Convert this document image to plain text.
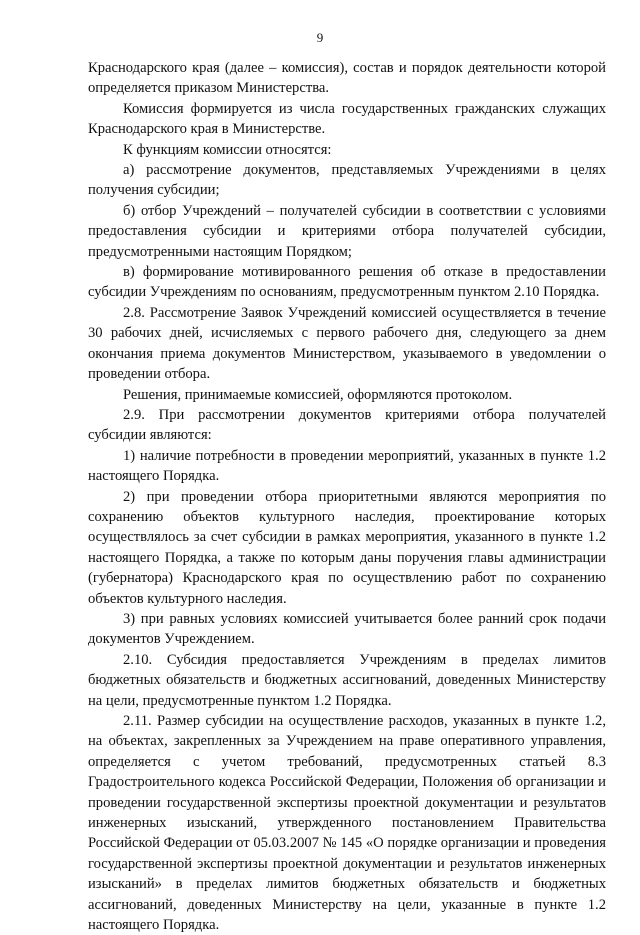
9

Краснодарского края (далее – комиссия), состав и порядок деятельности которой определяется приказом Министерства.

Комиссия формируется из числа государственных гражданских служащих Краснодарского края в Министерстве.

К функциям комиссии относятся:

а) рассмотрение документов, представляемых Учреждениями в целях получения субсидии;

б) отбор Учреждений – получателей субсидии в соответствии с условиями предоставления субсидии и критериями отбора получателей субсидии, предусмотренными настоящим Порядком;

в) формирование мотивированного решения об отказе в предоставлении субсидии Учреждениям по основаниям, предусмотренным пунктом 2.10 Порядка.

2.8. Рассмотрение Заявок Учреждений комиссией осуществляется в течение 30 рабочих дней, исчисляемых с первого рабочего дня, следующего за днем окончания приема документов Министерством, указываемого в уведомлении о проведении отбора.

Решения, принимаемые комиссией, оформляются протоколом.

2.9. При рассмотрении документов критериями отбора получателей субсидии являются:

1) наличие потребности в проведении мероприятий, указанных в пункте 1.2 настоящего Порядка.

2) при проведении отбора приоритетными являются мероприятия по сохранению объектов культурного наследия, проектирование которых осуществлялось за счет субсидии в рамках мероприятия, указанного в пункте 1.2 настоящего Порядка, а также по которым даны поручения главы администрации (губернатора) Краснодарского края по осуществлению работ по сохранению объектов культурного наследия.

3) при равных условиях комиссией учитывается более ранний срок подачи документов Учреждением.

2.10. Субсидия предоставляется Учреждениям в пределах лимитов бюджетных обязательств и бюджетных ассигнований, доведенных Министерству на цели, предусмотренные пунктом 1.2 Порядка.

2.11. Размер субсидии на осуществление расходов, указанных в пункте 1.2, на объектах, закрепленных за Учреждением на праве оперативного управления, определяется с учетом требований, предусмотренных статьей 8.3 Градостроительного кодекса Российской Федерации, Положения об организации и проведении государственной экспертизы проектной документации и результатов инженерных изысканий, утвержденного постановлением Правительства Российской Федерации от 05.03.2007 № 145 «О порядке организации и проведения государственной экспертизы проектной документации и результатов инженерных изысканий» в пределах лимитов бюджетных обязательств и бюджетных ассигнований, доведенных Министерству на цели, указанные в пункте 1.2 настоящего Порядка.
